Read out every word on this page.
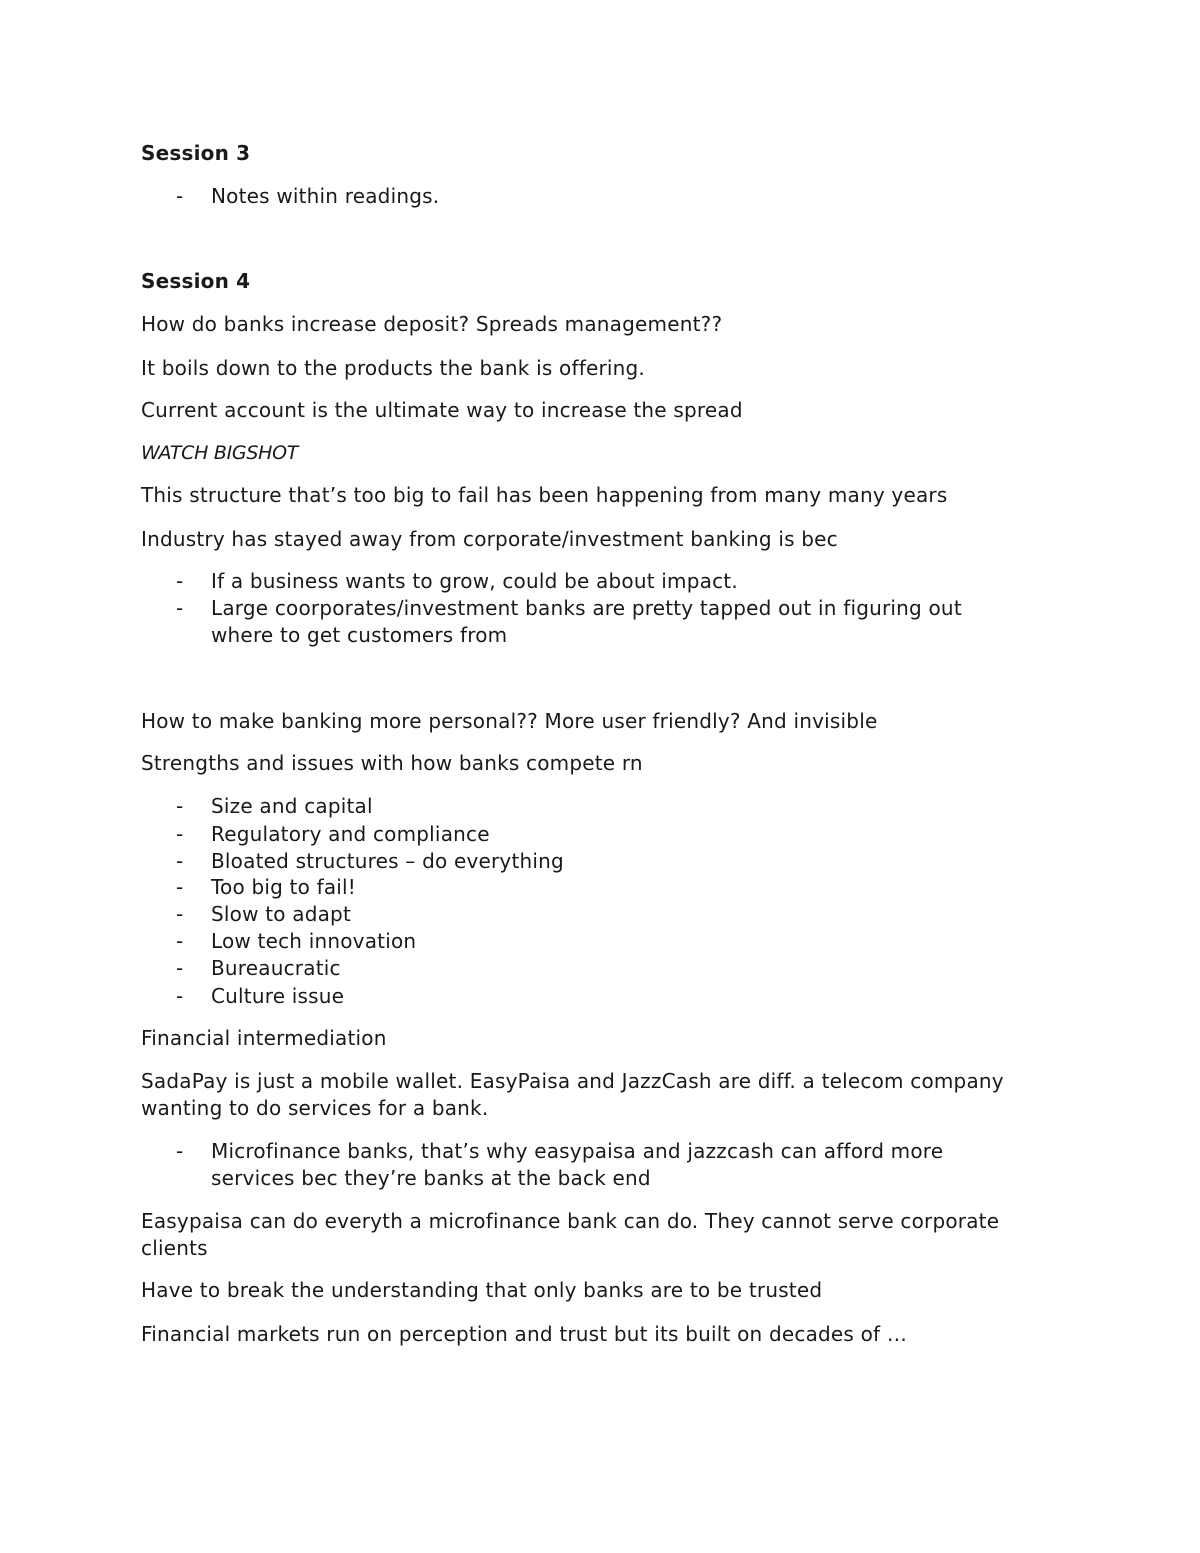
Session 3
- Notes within readings.
Session 4
How do banks increase deposit? Spreads management??
It boils down to the products the bank is offering.
Current account is the ultimate way to increase the spread
WATCH BIGSHOT
This structure that’s too big to fail has been happening from many many years
Industry has stayed away from corporate/investment banking is bec
- If a business wants to grow, could be about impact.
- Large coorporates/investment banks are pretty tapped out in figuring out
where to get customers from
How to make banking more personal?? More user friendly? And invisible
Strengths and issues with how banks compete rn
- Size and capital
- Regulatory and compliance
- Bloated structures – do everything
- Too big to fail!
- Slow to adapt
- Low tech innovation
- Bureaucratic
- Culture issue
Financial intermediation
SadaPay is just a mobile wallet. EasyPaisa and JazzCash are diff. a telecom company
wanting to do services for a bank.
- Microfinance banks, that’s why easypaisa and jazzcash can afford more
services bec they’re banks at the back end
Easypaisa can do everyth a microfinance bank can do. They cannot serve corporate
clients
Have to break the understanding that only banks are to be trusted
Financial markets run on perception and trust but its built on decades of …
